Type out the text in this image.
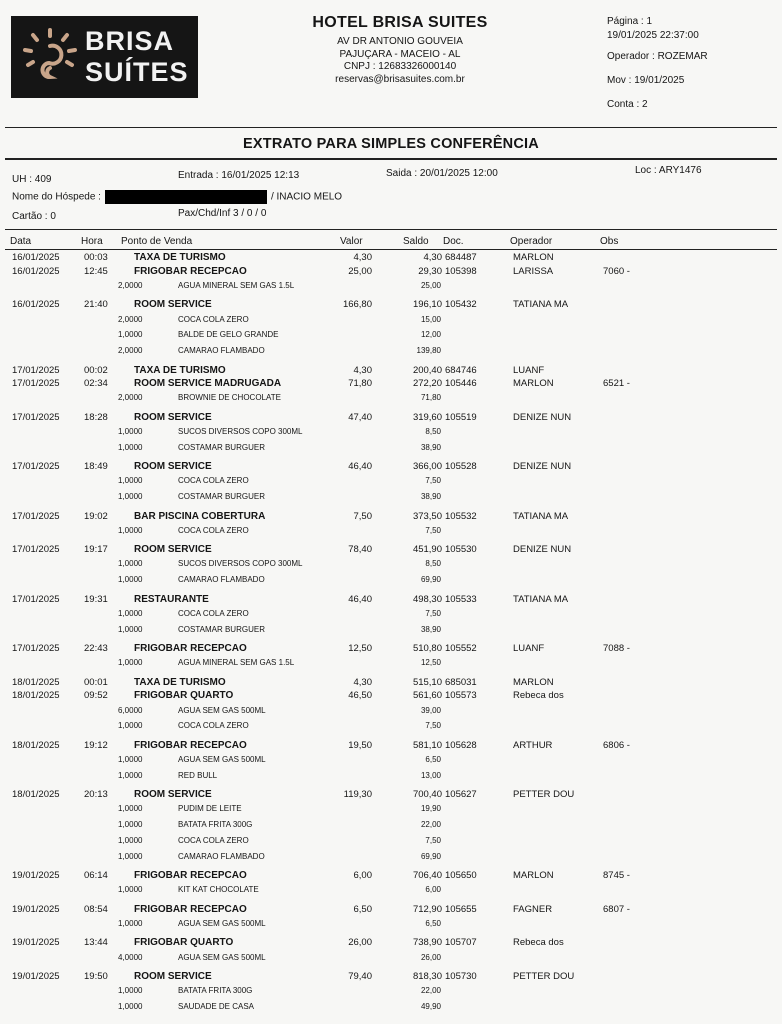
BRISA
SUÍTES
HOTEL BRISA SUITES
AV DR ANTONIO GOUVEIA
PAJUÇARA - MACEIO - AL
CNPJ : 12683326000140
reservas@brisasuites.com.br
Página : 1
19/01/2025 22:37:00
Operador : ROZEMAR
Mov : 19/01/2025
Conta : 2
EXTRATO PARA SIMPLES CONFERÊNCIA
UH : 409	Entrada : 16/01/2025 12:13	Saida : 20/01/2025 12:00	Loc : ARY1476
Nome do Hóspede :	/ INACIO MELO
Cartão : 0	Pax/Chd/Inf 3 / 0 / 0
Data	Hora Ponto de Venda	Valor	Saldo Doc.	Operador	Obs
16/01/2025	00:03	TAXA DE TURISMO	4,30	4,30 684487	MARLON
16/01/2025	12:45	FRIGOBAR RECEPCAO	25,00	29,30 105398	LARISSA	7060 -
2,0000	AGUA MINERAL SEM GAS 1.5L	25,00
16/01/2025	21:40	ROOM SERVICE	166,80	196,10 105432	TATIANA MA
2,0000	COCA COLA ZERO	15,00
1,0000	BALDE DE GELO GRANDE	12,00
2,0000	CAMARAO FLAMBADO	139,80
17/01/2025	00:02	TAXA DE TURISMO	4,30	200,40 684746	LUANF
17/01/2025	02:34	ROOM SERVICE MADRUGADA	71,80	272,20 105446	MARLON	6521 -
2,0000	BROWNIE DE CHOCOLATE	71,80
17/01/2025	18:28	ROOM SERVICE	47,40	319,60 105519	DENIZE NUN
1,0000	SUCOS DIVERSOS COPO 300ML	8,50
1,0000	COSTAMAR BURGUER	38,90
17/01/2025	18:49	ROOM SERVICE	46,40	366,00 105528	DENIZE NUN
1,0000	COCA COLA ZERO	7,50
1,0000	COSTAMAR BURGUER	38,90
17/01/2025	19:02	BAR PISCINA COBERTURA	7,50	373,50 105532	TATIANA MA
1,0000	COCA COLA ZERO	7,50
17/01/2025	19:17	ROOM SERVICE	78,40	451,90 105530	DENIZE NUN
1,0000	SUCOS DIVERSOS COPO 300ML	8,50
1,0000	CAMARAO FLAMBADO	69,90
17/01/2025	19:31	RESTAURANTE	46,40	498,30 105533	TATIANA MA
1,0000	COCA COLA ZERO	7,50
1,0000	COSTAMAR BURGUER	38,90
17/01/2025	22:43	FRIGOBAR RECEPCAO	12,50	510,80 105552	LUANF	7088 -
1,0000	AGUA MINERAL SEM GAS 1.5L	12,50
18/01/2025	00:01	TAXA DE TURISMO	4,30	515,10 685031	MARLON
18/01/2025	09:52	FRIGOBAR QUARTO	46,50	561,60 105573	Rebeca dos
6,0000	AGUA SEM GAS 500ML	39,00
1,0000	COCA COLA ZERO	7,50
18/01/2025	19:12	FRIGOBAR RECEPCAO	19,50	581,10 105628	ARTHUR	6806 -
1,0000	AGUA SEM GAS 500ML	6,50
1,0000	RED BULL	13,00
18/01/2025	20:13	ROOM SERVICE	119,30	700,40 105627	PETTER DOU
1,0000	PUDIM DE LEITE	19,90
1,0000	BATATA FRITA 300G	22,00
1,0000	COCA COLA ZERO	7,50
1,0000	CAMARAO FLAMBADO	69,90
19/01/2025	06:14	FRIGOBAR RECEPCAO	6,00	706,40 105650	MARLON	8745 -
1,0000	KIT KAT CHOCOLATE	6,00
19/01/2025	08:54	FRIGOBAR RECEPCAO	6,50	712,90 105655	FAGNER	6807 -
1,0000	AGUA SEM GAS 500ML	6,50
19/01/2025	13:44	FRIGOBAR QUARTO	26,00	738,90 105707	Rebeca dos
4,0000	AGUA SEM GAS 500ML	26,00
19/01/2025	19:50	ROOM SERVICE	79,40	818,30 105730	PETTER DOU
1,0000	BATATA FRITA 300G	22,00
1,0000	SAUDADE DE CASA	49,90
